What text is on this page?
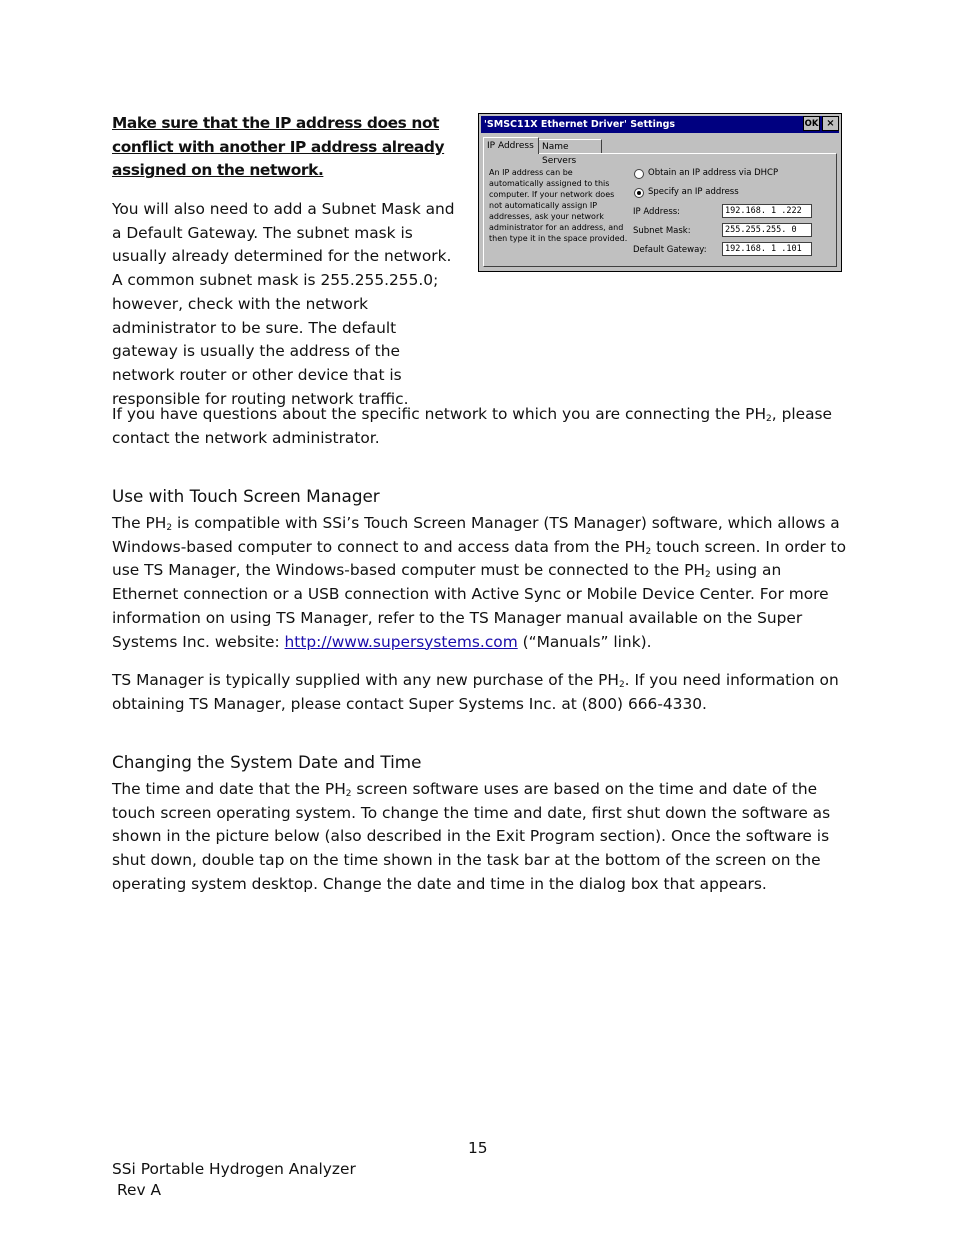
Make sure that the IP address does not conflict with another IP address already assigned on the network.

You will also need to add a Subnet Mask and a Default Gateway. The subnet mask is usually already determined for the network. A common subnet mask is 255.255.255.0; however, check with the network administrator to be sure. The default gateway is usually the address of the network router or other device that is responsible for routing network traffic.

'SMSC11X Ethernet Driver' Settings	OK ×
IP Address Name Servers
An IP address can be automatically assigned to this computer. If your network does not automatically assign IP addresses, ask your network administrator for an address, and then type it in the space provided.
Obtain an IP address via DHCP
Specify an IP address
IP Address:	192.168. 1 .222
Subnet Mask:	255.255.255. 0
Default Gateway:	192.168. 1 .101

If you have questions about the specific network to which you are connecting the $PH_2$, please contact the network administrator.

Use with Touch Screen Manager

The $PH_2$ is compatible with SSi’s Touch Screen Manager (TS Manager) software, which allows a Windows-based computer to connect to and access data from the $PH_2$ touch screen. In order to use TS Manager, the Windows-based computer must be connected to the $PH_2$ using an Ethernet connection or a USB connection with Active Sync or Mobile Device Center. For more information on using TS Manager, refer to the TS Manager manual available on the Super Systems Inc. website: http://www.supersystems.com (“Manuals” link).

TS Manager is typically supplied with any new purchase of the $PH_2$. If you need information on obtaining TS Manager, please contact Super Systems Inc. at (800) 666-4330.

Changing the System Date and Time

The time and date that the $PH_2$ screen software uses are based on the time and date of the touch screen operating system. To change the time and date, first shut down the software as shown in the picture below (also described in the Exit Program section). Once the software is shut down, double tap on the time shown in the task bar at the bottom of the screen on the operating system desktop. Change the date and time in the dialog box that appears.

15
SSi Portable Hydrogen Analyzer
Rev A
